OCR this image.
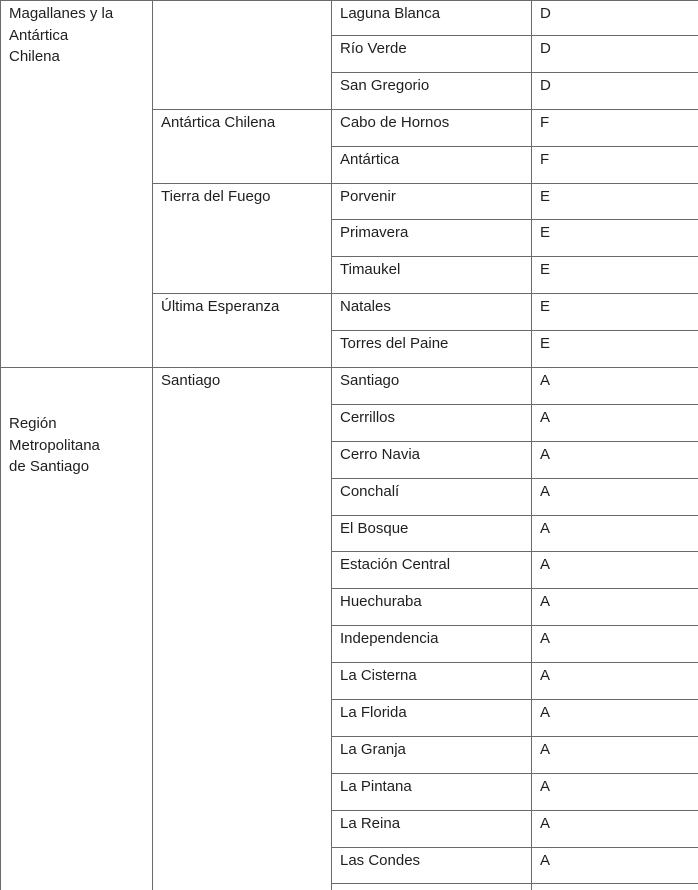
Magallanes y la
Antártica
Chilena		Laguna Blanca	D
		Río Verde	D
		San Gregorio	D
	Antártica Chilena	Cabo de Hornos	F
		Antártica	F
	Tierra del Fuego	Porvenir	E
		Primavera	E
		Timaukel	E
	Última Esperanza	Natales	E
		Torres del Paine	E

Región
Metropolitana
de Santiago	Santiago	Santiago	A
		Cerrillos	A
		Cerro Navia	A
		Conchalí	A
		El Bosque	A
		Estación Central	A
		Huechuraba	A
		Independencia	A
		La Cisterna	A
		La Florida	A
		La Granja	A
		La Pintana	A
		La Reina	A
		Las Condes	A
